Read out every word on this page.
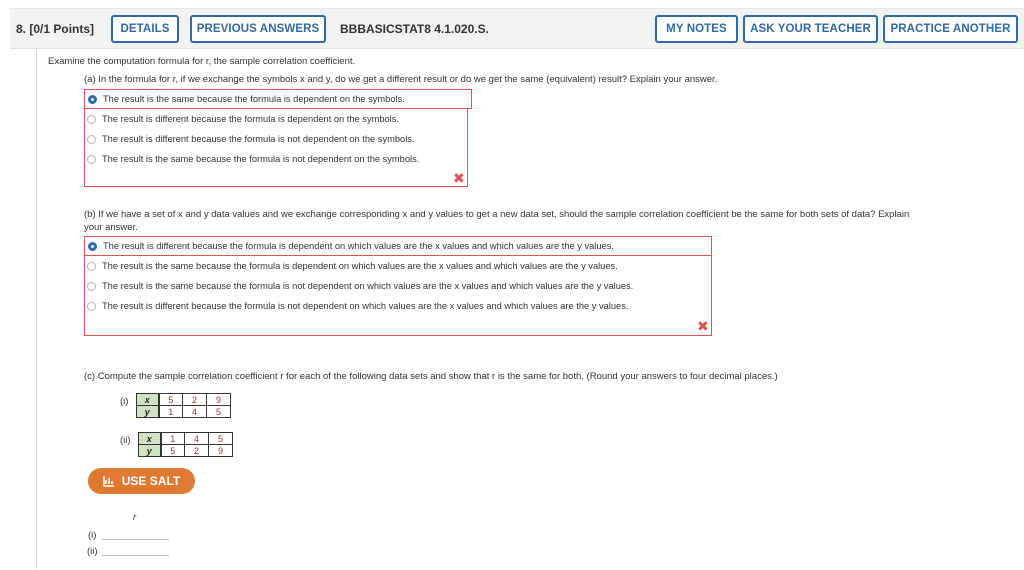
8. [0/1 Points]	DETAILS	PREVIOUS ANSWERS	BBBASICSTAT8 4.1.020.S.	MY NOTES	ASK YOUR TEACHER	PRACTICE ANOTHER
Examine the computation formula for r, the sample correlation coefficient.
(a) In the formula for r, if we exchange the symbols x and y, do we get a different result or do we get the same (equivalent) result? Explain your answer.
The result is the same because the formula is dependent on the symbols.
The result is different because the formula is dependent on the symbols.
The result is different because the formula is not dependent on the symbols.
The result is the same because the formula is not dependent on the symbols.
✖
(b) If we have a set of x and y data values and we exchange corresponding x and y values to get a new data set, should the sample correlation coefficient be the same for both sets of data? Explain
your answer.
The result is different because the formula is dependent on which values are the x values and which values are the y values.
The result is the same because the formula is dependent on which values are the x values and which values are the y values.
The result is the same because the formula is not dependent on which values are the x values and which values are the y values.
The result is different because the formula is not dependent on which values are the x values and which values are the y values.
✖
(c) Compute the sample correlation coefficient r for each of the following data sets and show that r is the same for both. (Round your answers to four decimal places.)
(i) x	5	2	9
y	1	4	5
(ii) x	1	4	5
y	5	2	9
USE SALT
r
(i)
(ii)
